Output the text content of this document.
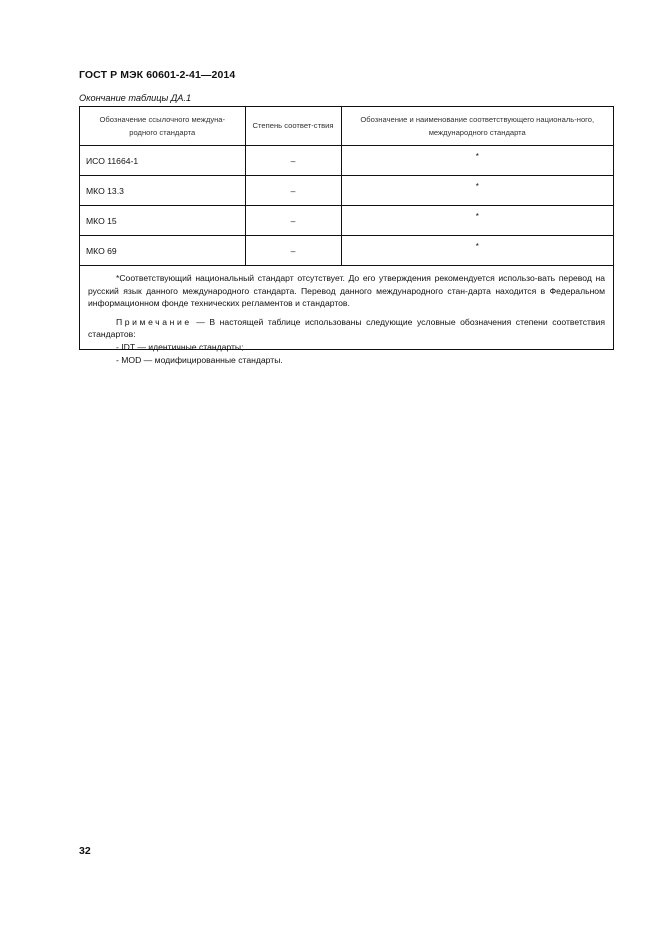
ГОСТ Р МЭК 60601-2-41—2014
Окончание таблицы ДА.1
Обозначение ссылочного междуна-родного стандарта	Степень соответ-ствия	Обозначение и наименование соответствующего националь-ного, международного стандарта
ИСО 11664-1	–	*
МКО 13.3	–	*
МКО 15	–	*
МКО 69	–	*

*Соответствующий национальный стандарт отсутствует. До его утверждения рекомендуется использо-вать перевод на русский язык данного международного стандарта. Перевод данного международного стан-дарта находится в Федеральном информационном фонде технических регламентов и стандартов.

Примечание — В настоящей таблице использованы следующие условные обозначения степени соответствия стандартов:

- IDT — идентичные стандарты;

- MOD — модифицированные стандарты.

32
